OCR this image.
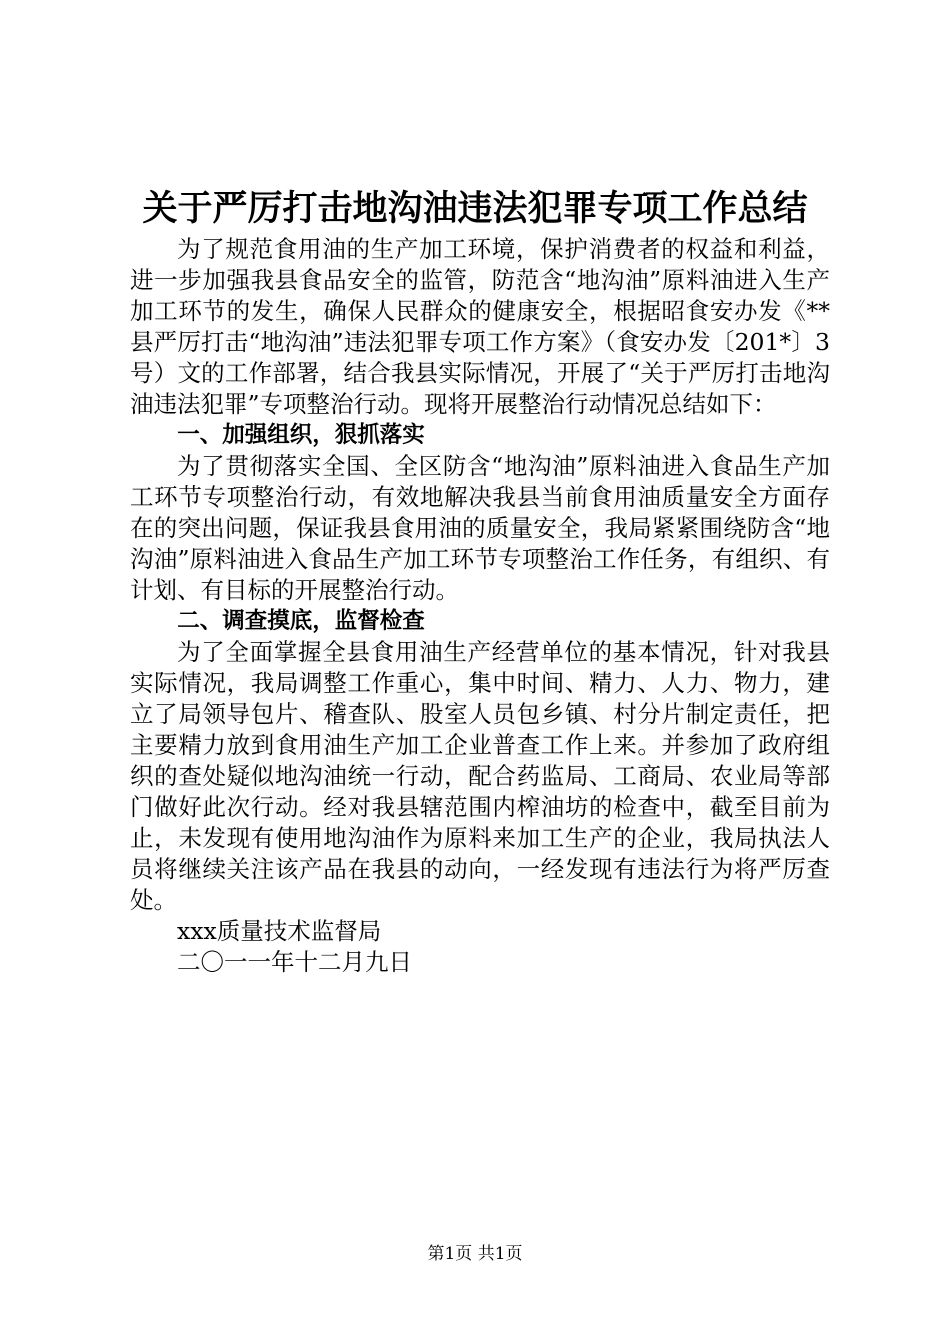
关于严厉打击地沟油违法犯罪专项工作总结

为了规范食用油的生产加工环境，保护消费者的权益和利益，进一步加强我县食品安全的监管，防范含“地沟油”原料油进入生产加工环节的发生，确保人民群众的健康安全，根据昭食安办发《**县严厉打击“地沟油”违法犯罪专项工作方案》（食安办发〔201*〕3号）文的工作部署，结合我县实际情况，开展了“关于严厉打击地沟油违法犯罪”专项整治行动。现将开展整治行动情况总结如下：

一、加强组织，狠抓落实

为了贯彻落实全国、全区防含“地沟油”原料油进入食品生产加工环节专项整治行动，有效地解决我县当前食用油质量安全方面存在的突出问题，保证我县食用油的质量安全，我局紧紧围绕防含“地沟油”原料油进入食品生产加工环节专项整治工作任务，有组织、有计划、有目标的开展整治行动。

二、调查摸底，监督检查

为了全面掌握全县食用油生产经营单位的基本情况，针对我县实际情况，我局调整工作重心，集中时间、精力、人力、物力，建立了局领导包片、稽查队、股室人员包乡镇、村分片制定责任，把主要精力放到食用油生产加工企业普查工作上来。并参加了政府组织的查处疑似地沟油统一行动，配合药监局、工商局、农业局等部门做好此次行动。经对我县辖范围内榨油坊的检查中，截至目前为止，未发现有使用地沟油作为原料来加工生产的企业，我局执法人员将继续关注该产品在我县的动向，一经发现有违法行为将严厉查处。

xxx质量技术监督局

二〇一一年十二月九日

第1页 共1页
